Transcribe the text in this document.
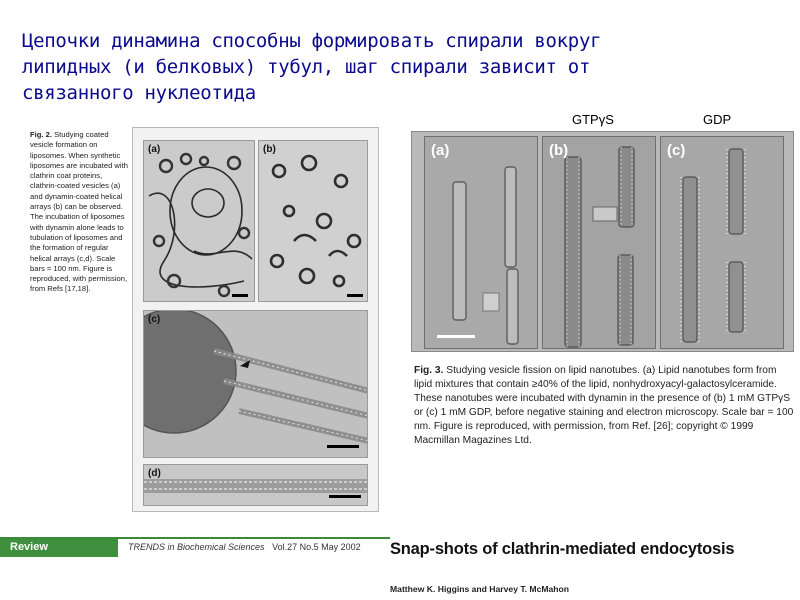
Цепочки динамина способны формировать спирали вокруг
липидных (и белковых) тубул, шаг спирали зависит от
связанного нуклеотида
Fig. 2. Studying coated vesicle formation on liposomes. When synthetic liposomes are incubated with clathrin coat proteins, clathrin-coated vesicles (a) and dynamin-coated helical arrays (b) can be observed. The incubation of liposomes with dynamin alone leads to tubulation of liposomes and the formation of regular helical arrays (c,d). Scale bars = 100 nm. Figure is reproduced, with permission, from Refs [17,18].
(a)	(b)
(c)
(d)
GTPγS	GDP
(a)	(b)	(c)
Fig. 3. Studying vesicle fission on lipid nanotubes. (a) Lipid nanotubes form from lipid mixtures that contain ≥40% of the lipid, nonhydroxyacyl-galactosylceramide. These nanotubes were incubated with dynamin in the presence of (b) 1 mM GTPγS or (c) 1 mM GDP, before negative staining and electron microscopy. Scale bar = 100 nm. Figure is reproduced, with permission, from Ref. [26]; copyright © 1999 Macmillan Magazines Ltd.
Review	TRENDS in Biochemical Sciences Vol.27 No.5 May 2002 Snap-shots of clathrin-mediated endocytosis
Matthew K. Higgins and Harvey T. McMahon
